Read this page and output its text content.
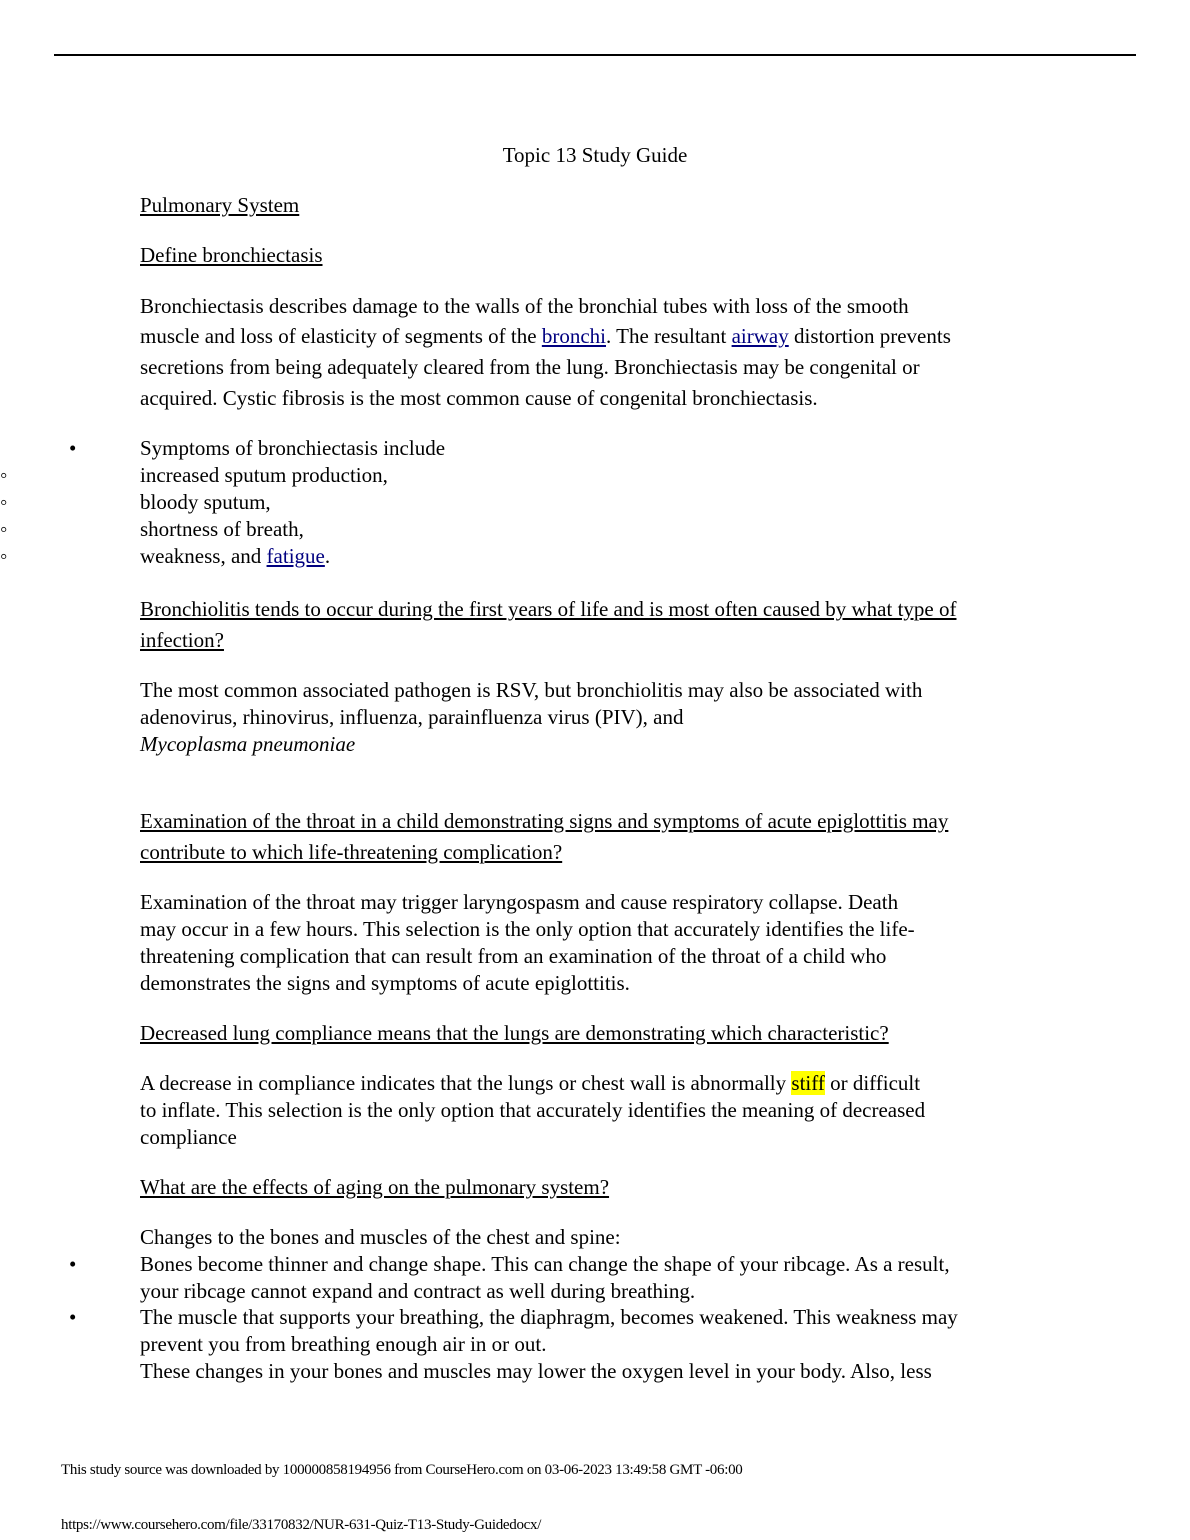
Topic 13 Study Guide
Pulmonary System
Define bronchiectasis
Bronchiectasis describes damage to the walls of the bronchial tubes with loss of the smooth
muscle and loss of elasticity of segments of the bronchi. The resultant airway distortion prevents
secretions from being adequately cleared from the lung. Bronchiectasis may be congenital or
acquired. Cystic fibrosis is the most common cause of congenital bronchiectasis.
•	Symptoms of bronchiectasis include
◦	increased sputum production,
◦	bloody sputum,
◦	shortness of breath,
◦	weakness, and fatigue.
Bronchiolitis tends to occur during the first years of life and is most often caused by what type of
infection?
The most common associated pathogen is RSV, but bronchiolitis may also be associated with
adenovirus, rhinovirus, influenza, parainfluenza virus (PIV), and
Mycoplasma pneumoniae
Examination of the throat in a child demonstrating signs and symptoms of acute epiglottitis may
contribute to which life-threatening complication?
Examination of the throat may trigger laryngospasm and cause respiratory collapse. Death
may occur in a few hours. This selection is the only option that accurately identifies the life-
threatening complication that can result from an examination of the throat of a child who
demonstrates the signs and symptoms of acute epiglottitis.
Decreased lung compliance means that the lungs are demonstrating which characteristic?
A decrease in compliance indicates that the lungs or chest wall is abnormally stiff or difficult
to inflate. This selection is the only option that accurately identifies the meaning of decreased
compliance
What are the effects of aging on the pulmonary system?
Changes to the bones and muscles of the chest and spine:
•	Bones become thinner and change shape. This can change the shape of your ribcage. As a result,
your ribcage cannot expand and contract as well during breathing.
•	The muscle that supports your breathing, the diaphragm, becomes weakened. This weakness may
prevent you from breathing enough air in or out.
These changes in your bones and muscles may lower the oxygen level in your body. Also, less
This study source was downloaded by 100000858194956 from CourseHero.com on 03-06-2023 13:49:58 GMT -06:00
https://www.coursehero.com/file/33170832/NUR-631-Quiz-T13-Study-Guidedocx/
